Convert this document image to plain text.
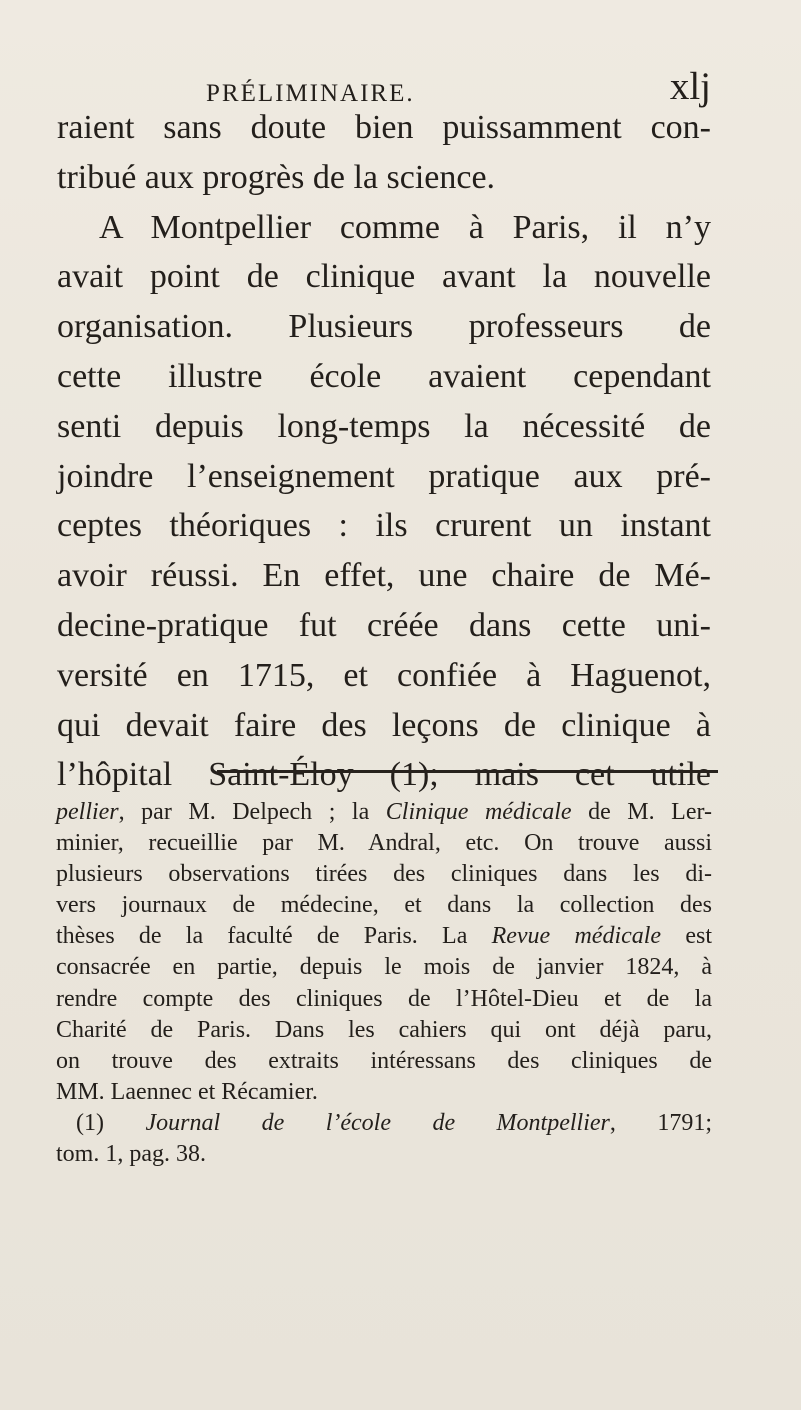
PRÉLIMINAIRE.	xlj
raient sans doute bien puissamment con-
tribué aux progrès de la science.
A Montpellier comme à Paris, il n’y
avait point de clinique avant la nouvelle
organisation. Plusieurs professeurs de
cette illustre école avaient cependant
senti depuis long-temps la nécessité de
joindre l’enseignement pratique aux pré-
ceptes théoriques : ils crurent un instant
avoir réussi. En effet, une chaire de Mé-
decine-pratique fut créée dans cette uni-
versité en 1715, et confiée à Haguenot,
qui devait faire des leçons de clinique à
l’hôpital Saint-Éloy (1); mais cet utile
pellier, par M. Delpech ; la Clinique médicale de M. Ler-
minier, recueillie par M. Andral, etc. On trouve aussi
plusieurs observations tirées des cliniques dans les di-
vers journaux de médecine, et dans la collection des
thèses de la faculté de Paris. La Revue médicale est
consacrée en partie, depuis le mois de janvier 1824, à
rendre compte des cliniques de l’Hôtel-Dieu et de la
Charité de Paris. Dans les cahiers qui ont déjà paru,
on trouve des extraits intéressans des cliniques de
MM. Laennec et Récamier.
(1) Journal de l’école de Montpellier, 1791;
tom. 1, pag. 38.
